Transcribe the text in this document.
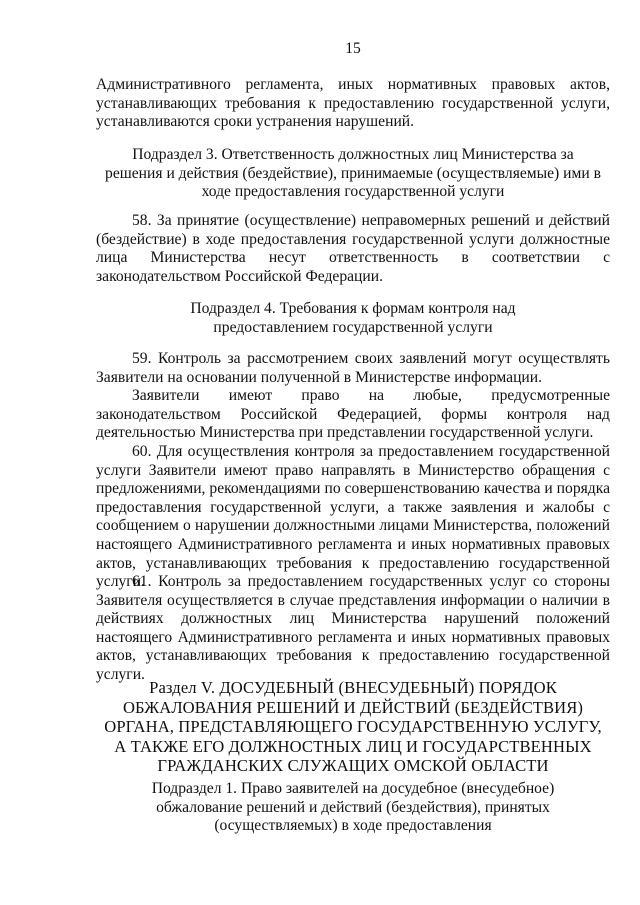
15

Административного регламента, иных нормативных правовых актов, устанавливающих требования к предоставлению государственной услуги, устанавливаются сроки устранения нарушений.

Подраздел 3. Ответственность должностных лиц Министерства за решения и действия (бездействие), принимаемые (осуществляемые) ими в ходе предоставления государственной услуги

58. За принятие (осуществление) неправомерных решений и действий (бездействие) в ходе предоставления государственной услуги должностные лица Министерства несут ответственность в соответствии с законодательством Российской Федерации.

Подраздел 4. Требования к формам контроля над предоставлением государственной услуги

59. Контроль за рассмотрением своих заявлений могут осуществлять Заявители на основании полученной в Министерстве информации.

Заявители имеют право на любые, предусмотренные законодательством Российской Федерацией, формы контроля над деятельностью Министерства при представлении государственной услуги.

60. Для осуществления контроля за предоставлением государственной услуги Заявители имеют право направлять в Министерство обращения с предложениями, рекомендациями по совершенствованию качества и порядка предоставления государственной услуги, а также заявления и жалобы с сообщением о нарушении должностными лицами Министерства, положений настоящего Административного регламента и иных нормативных правовых актов, устанавливающих требования к предоставлению государственной услуги.

61. Контроль за предоставлением государственных услуг со стороны Заявителя осуществляется в случае представления информации о наличии в действиях должностных лиц Министерства нарушений положений настоящего Административного регламента и иных нормативных правовых актов, устанавливающих требования к предоставлению государственной услуги.

Раздел V. ДОСУДЕБНЫЙ (ВНЕСУДЕБНЫЙ) ПОРЯДОК ОБЖАЛОВАНИЯ РЕШЕНИЙ И ДЕЙСТВИЙ (БЕЗДЕЙСТВИЯ) ОРГАНА, ПРЕДСТАВЛЯЮЩЕГО ГОСУДАРСТВЕННУЮ УСЛУГУ, А ТАКЖЕ ЕГО ДОЛЖНОСТНЫХ ЛИЦ И ГОСУДАРСТВЕННЫХ ГРАЖДАНСКИХ СЛУЖАЩИХ ОМСКОЙ ОБЛАСТИ

Подраздел 1. Право заявителей на досудебное (внесудебное) обжалование решений и действий (бездействия), принятых (осуществляемых) в ходе предоставления
